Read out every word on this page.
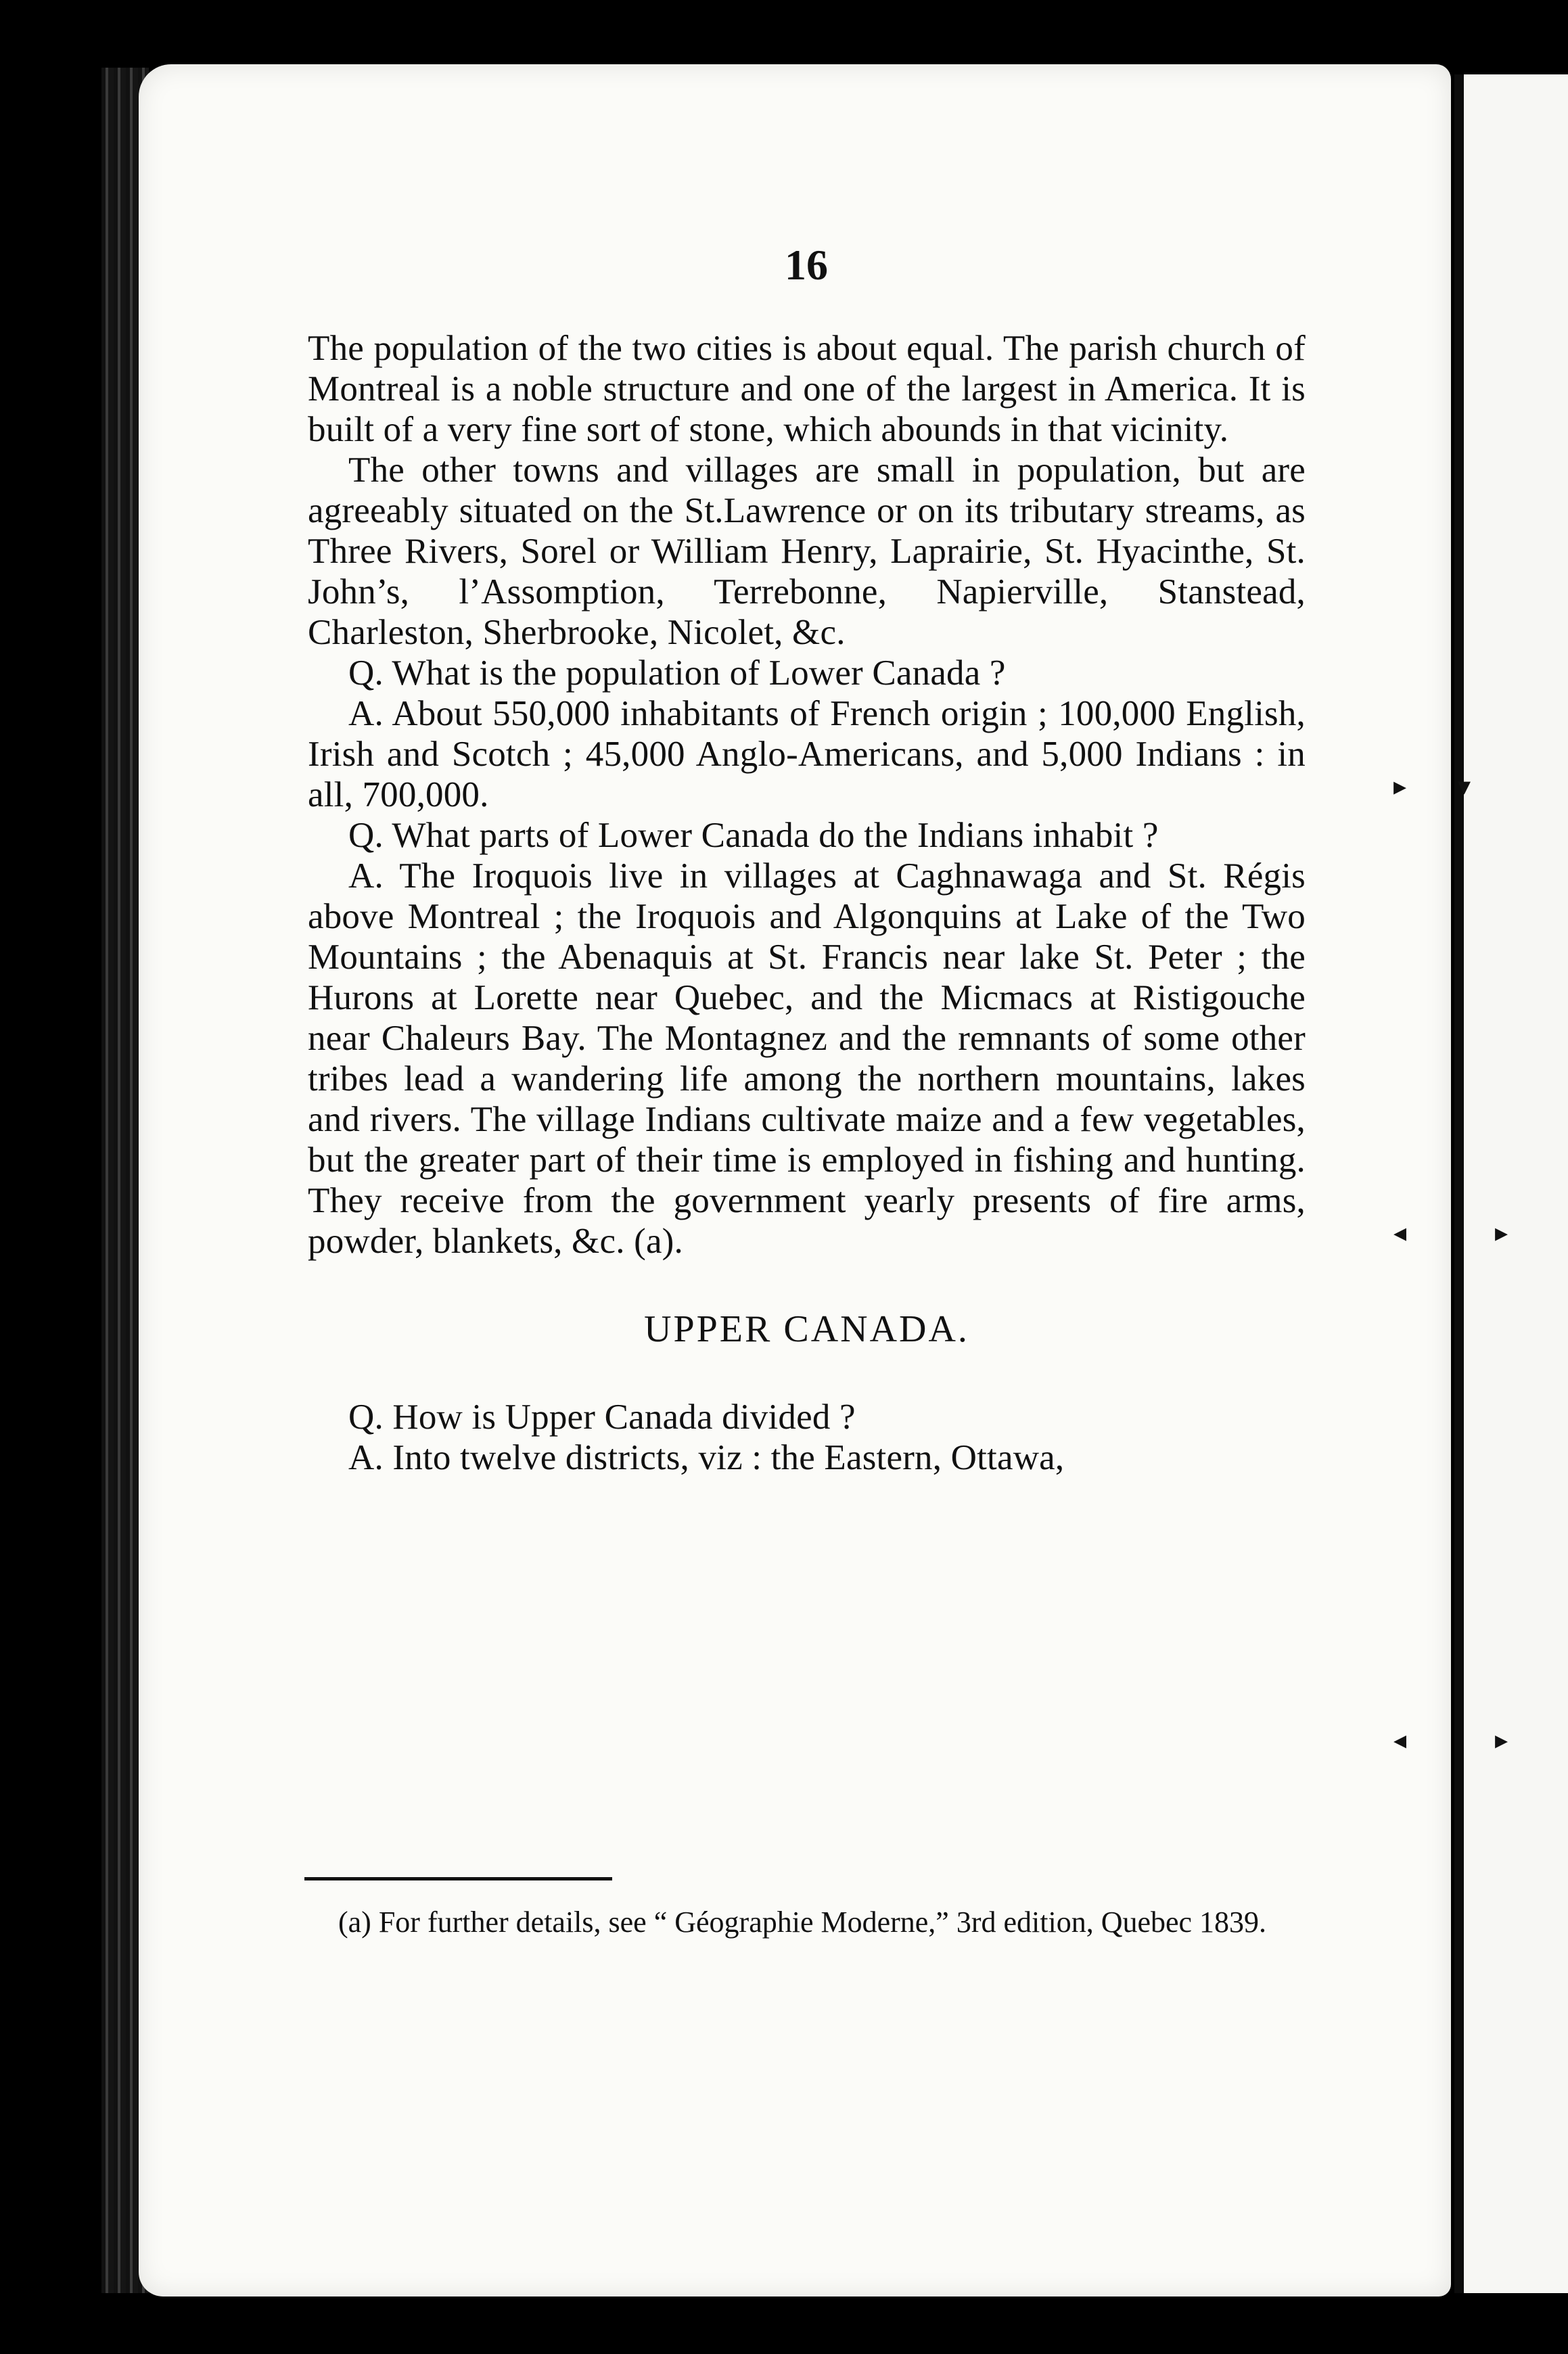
▸ ▾
◂	▸
◂	▸
16

The population of the two cities is about equal. The parish church of Montreal is a noble structure and one of the largest in America. It is built of a very fine sort of stone, which abounds in that vicinity.

The other towns and villages are small in population, but are agreeably situated on the St.Lawrence or on its tributary streams, as Three Rivers, Sorel or William Henry, Laprairie, St. Hyacinthe, St. John’s, l’Assomption, Terrebonne, Napierville, Stanstead, Charleston, Sherbrooke, Nicolet, &c.

Q. What is the population of Lower Canada ?

A. About 550,000 inhabitants of French origin ; 100,000 English, Irish and Scotch ; 45,000 Anglo-Americans, and 5,000 Indians : in all, 700,000.

Q. What parts of Lower Canada do the Indians inhabit ?

A. The Iroquois live in villages at Caghnawaga and St. Régis above Montreal ; the Iroquois and Algonquins at Lake of the Two Mountains ; the Abenaquis at St. Francis near lake St. Peter ; the Hurons at Lorette near Quebec, and the Micmacs at Ristigouche near Chaleurs Bay. The Montagnez and the remnants of some other tribes lead a wandering life among the northern mountains, lakes and rivers. The village Indians cultivate maize and a few vegetables, but the greater part of their time is employed in fishing and hunting. They receive from the government yearly presents of fire arms, powder, blankets, &c. (a).

UPPER CANADA.

Q. How is Upper Canada divided ?

A. Into twelve districts, viz : the Eastern, Ottawa,

(a) For further details, see “ Géographie Moderne,” 3rd edition, Quebec 1839.
